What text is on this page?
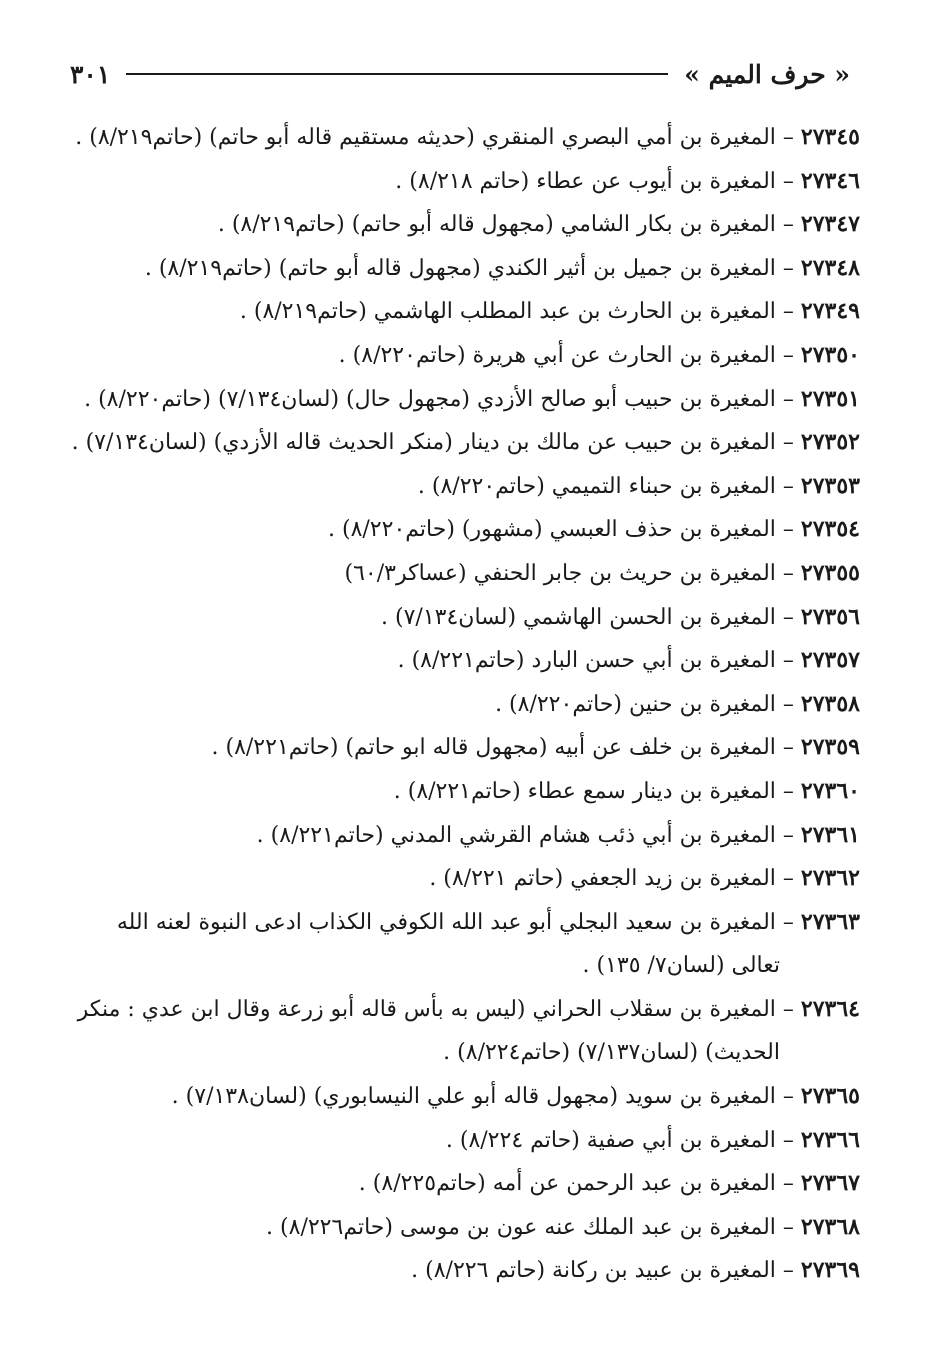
« حرف الميم »
٣٠١
٢٧٣٤٥ – المغيرة بن أمي البصري المنقري (حديثه مستقيم قاله أبو حاتم) (حاتم٨/٢١٩) .
٢٧٣٤٦ – المغيرة بن أيوب عن عطاء (حاتم ٨/٢١٨) .
٢٧٣٤٧ – المغيرة بن بكار الشامي (مجهول قاله أبو حاتم) (حاتم٨/٢١٩) .
٢٧٣٤٨ – المغيرة بن جميل بن أثير الكندي (مجهول قاله أبو حاتم) (حاتم٨/٢١٩) .
٢٧٣٤٩ – المغيرة بن الحارث بن عبد المطلب الهاشمي (حاتم٨/٢١٩) .
٢٧٣٥٠ – المغيرة بن الحارث عن أبي هريرة (حاتم٨/٢٢٠) .
٢٧٣٥١ – المغيرة بن حبيب أبو صالح الأزدي (مجهول حال) (لسان٧/١٣٤) (حاتم٨/٢٢٠) .
٢٧٣٥٢ – المغيرة بن حبيب عن مالك بن دينار (منكر الحديث قاله الأزدي) (لسان٧/١٣٤) .
٢٧٣٥٣ – المغيرة بن حبناء التميمي (حاتم٨/٢٢٠) .
٢٧٣٥٤ – المغيرة بن حذف العبسي (مشهور) (حاتم٨/٢٢٠) .
٢٧٣٥٥ – المغيرة بن حريث بن جابر الحنفي (عساكر٦٠/٣)
٢٧٣٥٦ – المغيرة بن الحسن الهاشمي (لسان٧/١٣٤) .
٢٧٣٥٧ – المغيرة بن أبي حسن البارد (حاتم٨/٢٢١) .
٢٧٣٥٨ – المغيرة بن حنين (حاتم٨/٢٢٠) .
٢٧٣٥٩ – المغيرة بن خلف عن أبيه (مجهول قاله ابو حاتم) (حاتم٨/٢٢١) .
٢٧٣٦٠ – المغيرة بن دينار سمع عطاء (حاتم٨/٢٢١) .
٢٧٣٦١ – المغيرة بن أبي ذئب هشام القرشي المدني (حاتم٨/٢٢١) .
٢٧٣٦٢ – المغيرة بن زيد الجعفي (حاتم ٨/٢٢١) .
٢٧٣٦٣ – المغيرة بن سعيد البجلي أبو عبد الله الكوفي الكذاب ادعى النبوة لعنه الله تعالى (لسان٧/ ١٣٥) .
٢٧٣٦٤ – المغيرة بن سقلاب الحراني (ليس به بأس قاله أبو زرعة وقال ابن عدي : منكر الحديث) (لسان٧/١٣٧) (حاتم٨/٢٢٤) .
٢٧٣٦٥ – المغيرة بن سويد (مجهول قاله أبو علي النيسابوري) (لسان٧/١٣٨) .
٢٧٣٦٦ – المغيرة بن أبي صفية (حاتم ٨/٢٢٤) .
٢٧٣٦٧ – المغيرة بن عبد الرحمن عن أمه (حاتم٨/٢٢٥) .
٢٧٣٦٨ – المغيرة بن عبد الملك عنه عون بن موسى (حاتم٨/٢٢٦) .
٢٧٣٦٩ – المغيرة بن عبيد بن ركانة (حاتم ٨/٢٢٦) .
